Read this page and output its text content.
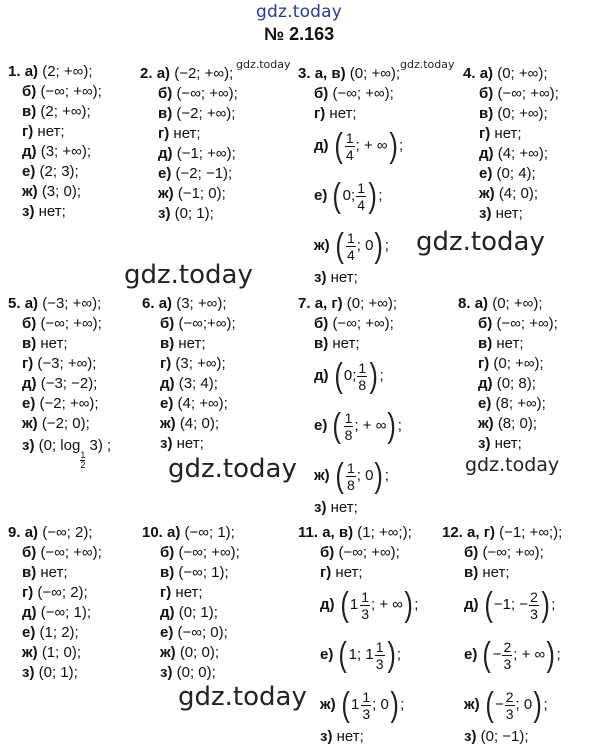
gdz.today
gdz.today	gdz.today
gdz.today
gdz.today
gdz.today	gdz.today
gdz.today
№ 2.163
1. а) (2; +∞);
б) (−∞; +∞);
в) (2; +∞);
г) нет;
д) (3; +∞);
е) (2; 3);
ж) (3; 0);
з) нет;
2. а) (−2; +∞);
б) (−∞; +∞);
в) (−2; +∞);
г) нет;
д) (−1; +∞);
е) (−2; −1);
ж) (−1; 0);
з) (0; 1);
3. а, в) (0; +∞);
б) (−∞; +∞);
г) нет;
д) ( $\frac{1}{4}$ ; + ∞ ) ;
е) ( 0; $\frac{1}{4}$ ) ;
ж) ( $\frac{1}{4}$ ; 0 ) ;
з) нет;
4. а) (0; +∞);
б) (−∞; +∞);
в) (0; +∞);
г) нет;
д) (4; +∞);
е) (0; 4);
ж) (4; 0);
з) нет;
5. а) (−3; +∞);
б) (−∞; +∞);
в) нет;
г) (−3; +∞);
д) (−3; −2);
е) (−2; +∞);
ж) (−2; 0);
з) (0; log
$\frac{1}{2}$
3) ;
6. а) (3; +∞);
б) (−∞;+∞);
в) нет;
г) (3; +∞);
д) (3; 4);
е) (4; +∞);
ж) (4; 0);
з) нет;
7. а, г) (0; +∞);
б) (−∞; +∞);
в) нет;
д) ( 0; $\frac{1}{8}$ ) ;
е) ( $\frac{1}{8}$ ; + ∞ ) ;
ж) ( $\frac{1}{8}$ ; 0 ) ;
з) нет;
8. а) (0; +∞);
б) (−∞; +∞);
в) нет;
г) (0; +∞);
д) (0; 8);
е) (8; +∞);
ж) (8; 0);
з) нет;
9. а) (−∞; 2);
б) (−∞; +∞);
в) нет;
г) (−∞; 2);
д) (−∞; 1);
е) (1; 2);
ж) (1; 0);
з) (0; 1);
10. а) (−∞; 1);
б) (−∞; +∞);
в) (−∞; 1);
г) нет;
д) (0; 1);
е) (−∞; 0);
ж) (0; 0);
з) (0; 0);
11. а, в) (1; +∞;);
б) (−∞; +∞);
г) нет;
д) ( $1 \frac{1}{3}$ ; + ∞ ) ;
е) ( 1; $1 \frac{1}{3}$ ) ;
ж) ( $1 \frac{1}{3}$ ; 0 ) ;
з) нет;
12. а, г) (−1; +∞;);
б) (−∞; +∞);
в) нет;
д) ( −1; − $\frac{2}{3}$ ) ;
е) ( − $\frac{2}{3}$ ; + ∞ ) ;
ж) ( − $\frac{2}{3}$ ; 0 ) ;
з) (0; −1);
